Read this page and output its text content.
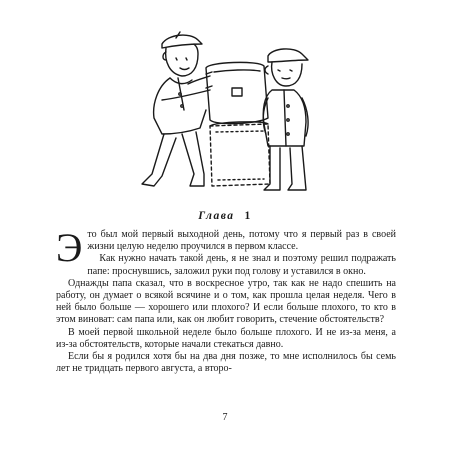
Глава 1

Это был мой первый выходной день, потому что я первый раз в своей жизни целую неделю проучился в первом классе.

Как нужно начать такой день, я не знал и поэтому решил подражать папе: проснувшись, заложил руки под голову и уставился в окно.

Однажды папа сказал, что в воскресное утро, так как не надо спешить на работу, он думает о всякой всячине и о том, как прошла целая неделя. Чего в ней было больше — хорошего или плохого? И если больше плохого, то кто в этом виноват: сам папа или, как он любит говорить, стечение обстоятельств?

В моей первой школьной неделе было больше плохого. И не из-за меня, а из-за обстоятельств, которые начали стекаться давно.

Если бы я родился хотя бы на два дня позже, то мне исполнилось бы семь лет не тридцать первого августа, а второ-

7
